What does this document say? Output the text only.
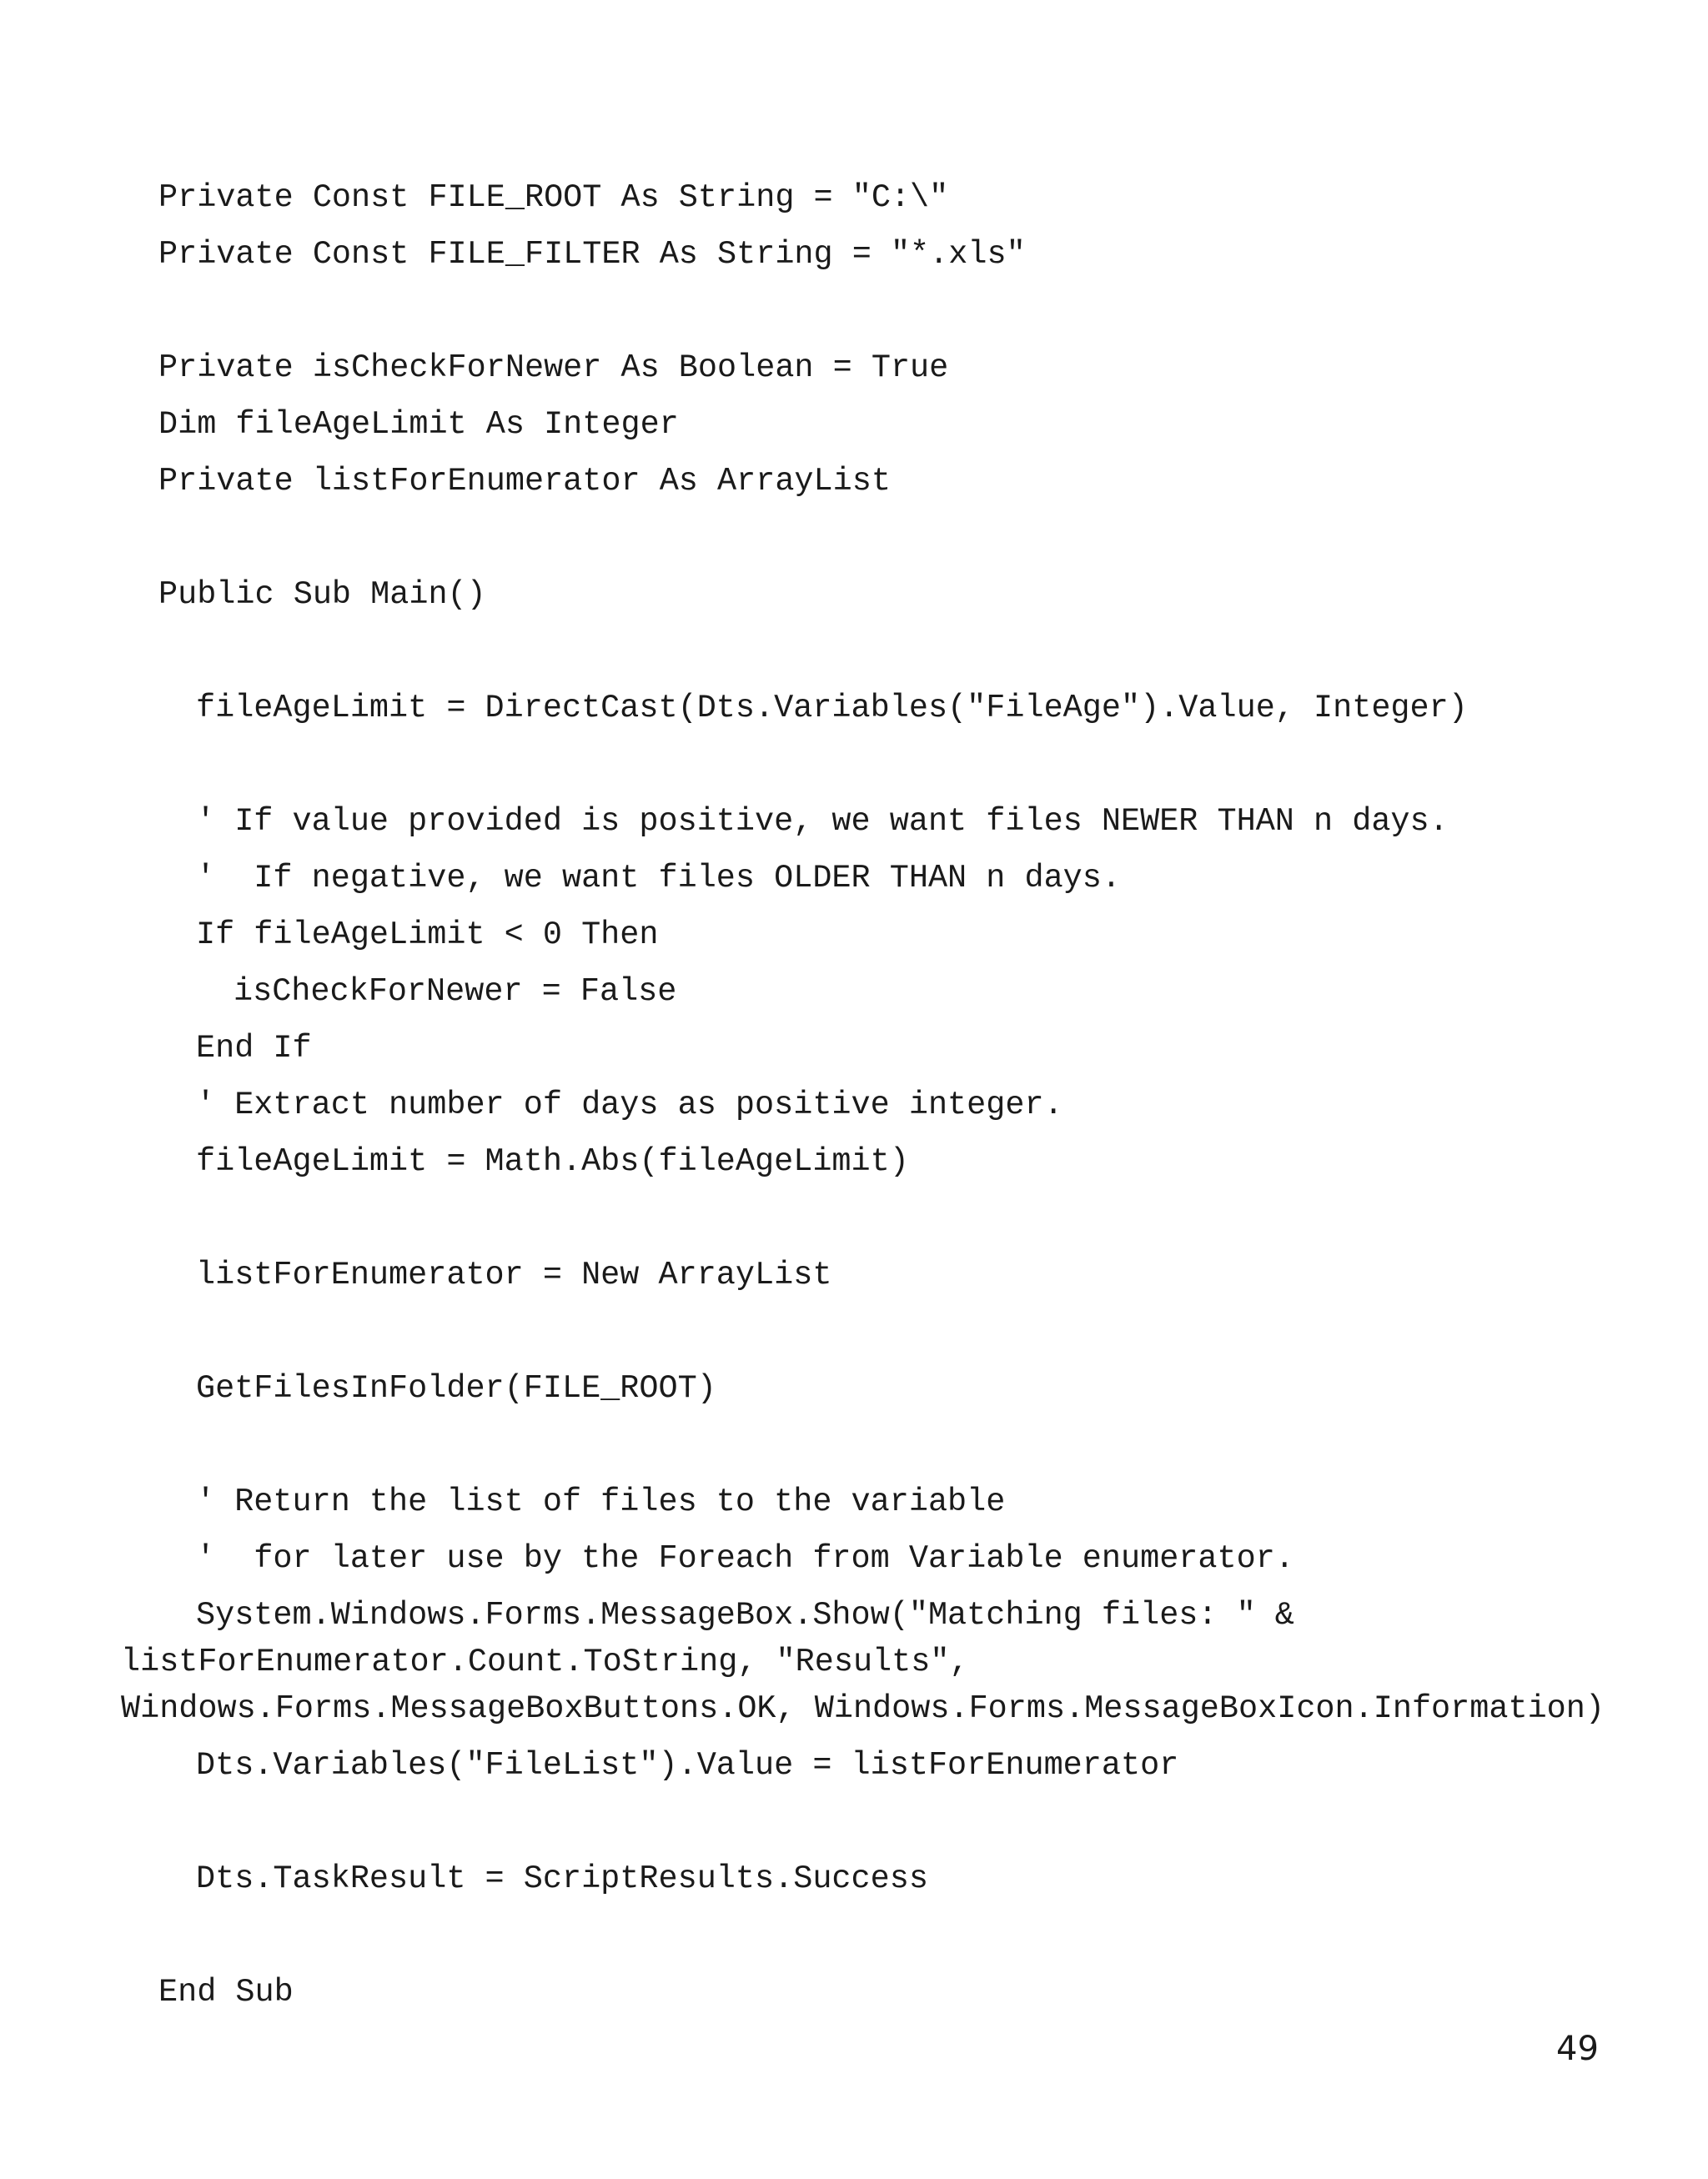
Private Const FILE_ROOT As String = "C:\"
Private Const FILE_FILTER As String = "*.xls"
Private isCheckForNewer As Boolean = True
Dim fileAgeLimit As Integer
Private listForEnumerator As ArrayList
Public Sub Main()
fileAgeLimit = DirectCast(Dts.Variables("FileAge").Value, Integer)
' If value provided is positive, we want files NEWER THAN n days.
'  If negative, we want files OLDER THAN n days.
If fileAgeLimit < 0 Then
isCheckForNewer = False
End If
' Extract number of days as positive integer.
fileAgeLimit = Math.Abs(fileAgeLimit)
listForEnumerator = New ArrayList
GetFilesInFolder(FILE_ROOT)
' Return the list of files to the variable
'  for later use by the Foreach from Variable enumerator.
System.Windows.Forms.MessageBox.Show("Matching files: " &
listForEnumerator.Count.ToString, "Results",
Windows.Forms.MessageBoxButtons.OK, Windows.Forms.MessageBoxIcon.Information)
Dts.Variables("FileList").Value = listForEnumerator
Dts.TaskResult = ScriptResults.Success
End Sub
49
